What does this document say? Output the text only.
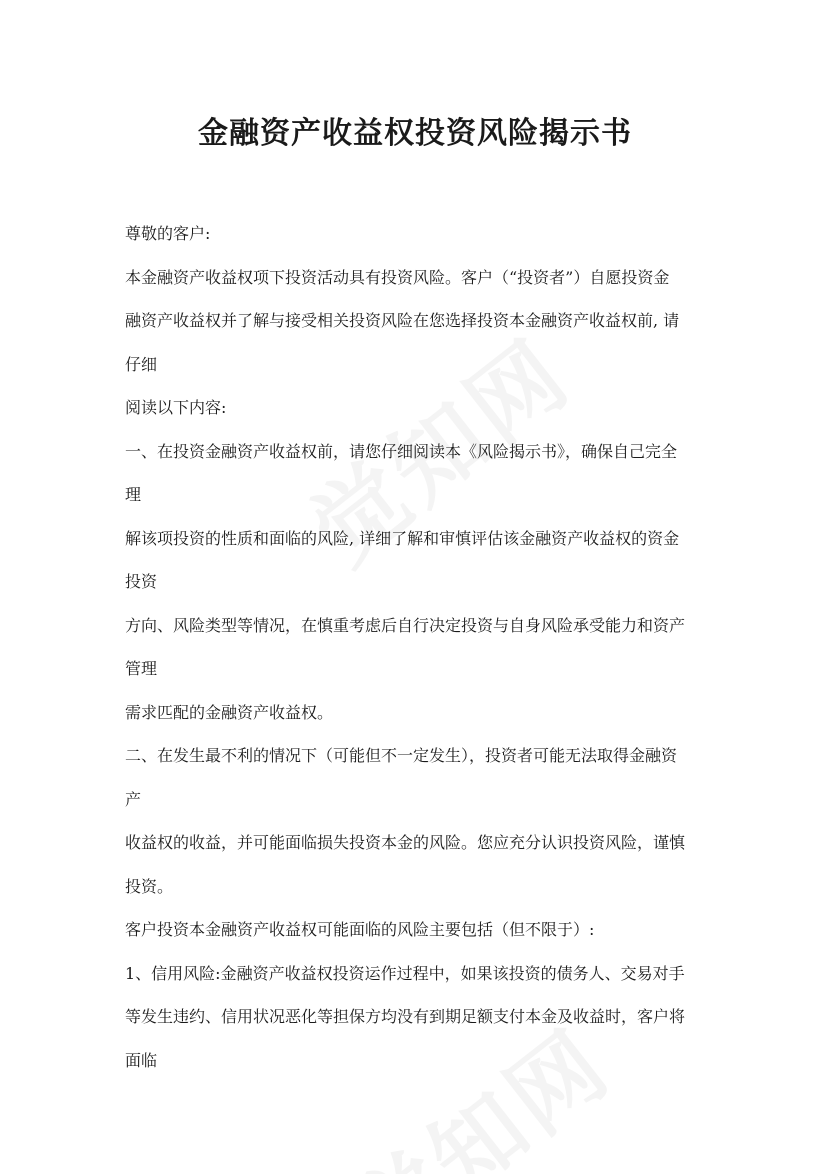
金融资产收益权投资风险揭示书

尊敬的客户:

本金融资产收益权项下投资活动具有投资风险。客户（“投资者”）自愿投资金

融资产收益权并了解与接受相关投资风险在您选择投资本金融资产收益权前, 请

仔细

阅读以下内容:

一、在投资金融资产收益权前，请您仔细阅读本《风险揭示书》，确保自己完全

理

解该项投资的性质和面临的风险, 详细了解和审慎评估该金融资产收益权的资金

投资

方向、风险类型等情况，在慎重考虑后自行决定投资与自身风险承受能力和资产

管理

需求匹配的金融资产收益权。

二、在发生最不利的情况下（可能但不一定发生），投资者可能无法取得金融资

产

收益权的收益，并可能面临损失投资本金的风险。您应充分认识投资风险，谨慎

投资。

客户投资本金融资产收益权可能面临的风险主要包括（但不限于）:

1、信用风险:金融资产收益权投资运作过程中，如果该投资的债务人、交易对手

等发生违约、信用状况恶化等担保方均没有到期足额支付本金及收益时，客户将

面临
